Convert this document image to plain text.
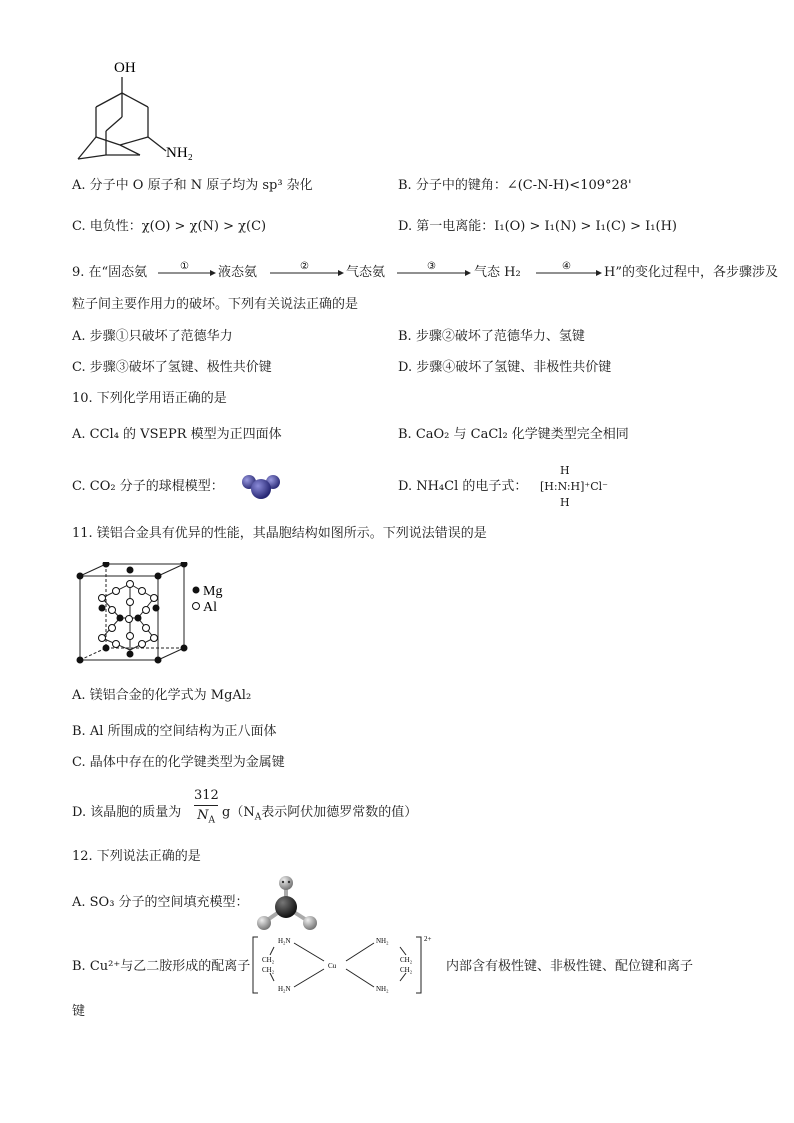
OH
NH₂
A. 分子中 O 原子和 N 原子均为 sp³ 杂化	B. 分子中的键角：∠(C-N-H)<109°28'
C. 电负性：χ(O) > χ(N) > χ(C)	D. 第一电离能：I₁(O) > I₁(N) > I₁(C) > I₁(H)
9. 在“固态氨	① 液态氨	②	气态氨	③	气态 H₂	④	H”的变化过程中，各步骤涉及
粒子间主要作用力的破坏。下列有关说法正确的是
A. 步骤①只破坏了范德华力	B. 步骤②破坏了范德华力、氢键
C. 步骤③破坏了氢键、极性共价键	D. 步骤④破坏了氢键、非极性共价键
10. 下列化学用语正确的是
A. CCl₄ 的 VSEPR 模型为正四面体	B. CaO₂ 与 CaCl₂ 化学键类型完全相同
C. CO₂ 分子的球棍模型：	D. NH₄Cl 的电子式：
H
[H:N:H]⁺Cl⁻
H
11. 镁铝合金具有优异的性能，其晶胞结构如图所示。下列说法错误的是
Mg
Al
A. 镁铝合金的化学式为 MgAl₂
B. Al 所围成的空间结构为正八面体
C. 晶体中存在的化学键类型为金属键
D. 该晶胞的质量为 $\frac{312}{N_A} g(N_A$表示阿伏加德罗常数的值）
12. 下列说法正确的是
A. SO₃ 分子的空间填充模型：
B. Cu²⁺与乙二胺形成的配离子
H₂N
CH₂
CH₂
H₂N
Cu
NH₂
CH₂
CH₂
NH₂
2+
内部含有极性键、非极性键、配位键和离子
键
